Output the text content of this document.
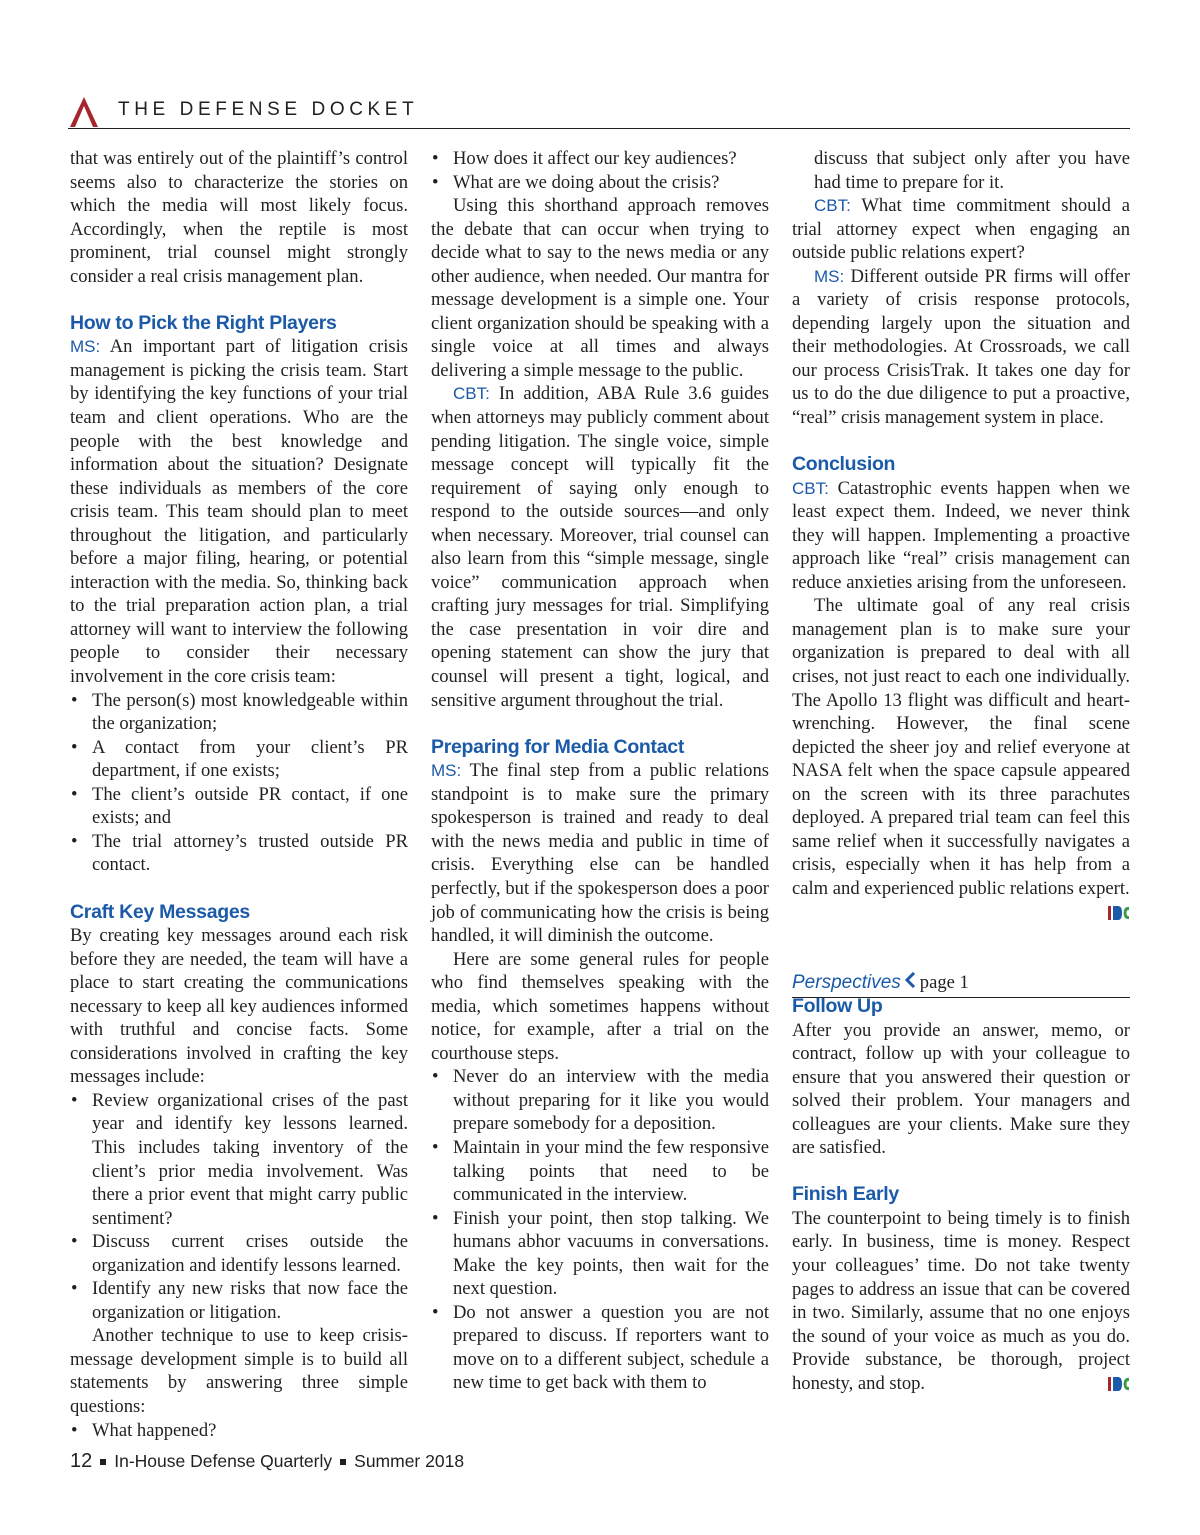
THE DEFENSE DOCKET

that was entirely out of the plaintiff’s control seems also to characterize the stories on which the media will most likely focus. Accordingly, when the reptile is most prominent, trial counsel might strongly consider a real crisis management plan.

How to Pick the Right Players

MS: An important part of litigation crisis management is picking the crisis team. Start by identifying the key functions of your trial team and client operations. Who are the people with the best knowledge and information about the situation? Designate these individuals as members of the core crisis team. This team should plan to meet throughout the litigation, and particularly before a major filing, hearing, or potential interaction with the media. So, thinking back to the trial preparation action plan, a trial attorney will want to interview the following people to consider their necessary involvement in the core crisis team:

• The person(s) most knowledgeable within the organization;
• A contact from your client’s PR department, if one exists;
• The client’s outside PR contact, if one exists; and
• The trial attorney’s trusted outside PR contact.
Craft Key Messages

By creating key messages around each risk before they are needed, the team will have a place to start creating the communications necessary to keep all key audiences informed with truthful and concise facts. Some considerations involved in crafting the key messages include:

• Review organizational crises of the past year and identify key lessons learned. This includes taking inventory of the client’s prior media involvement. Was there a prior event that might carry public sentiment?
• Discuss current crises outside the organization and identify lessons learned.
• Identify any new risks that now face the organization or litigation.

Another technique to use to keep crisis-message development simple is to build all statements by answering three simple questions:

• What happened?
• How does it affect our key audiences?
• What are we doing about the crisis?

Using this shorthand approach removes the debate that can occur when trying to decide what to say to the news media or any other audience, when needed. Our mantra for message development is a simple one. Your client organization should be speaking with a single voice at all times and always delivering a simple message to the public.

CBT: In addition, ABA Rule 3.6 guides when attorneys may publicly comment about pending litigation. The single voice, simple message concept will typically fit the requirement of saying only enough to respond to the outside sources—and only when necessary. Moreover, trial counsel can also learn from this “simple message, single voice” communication approach when crafting jury messages for trial. Simplifying the case presentation in voir dire and opening statement can show the jury that counsel will present a tight, logical, and sensitive argument throughout the trial.

Preparing for Media Contact

MS: The final step from a public relations standpoint is to make sure the primary spokesperson is trained and ready to deal with the news media and public in time of crisis. Everything else can be handled perfectly, but if the spokesperson does a poor job of communicating how the crisis is being handled, it will diminish the outcome.

Here are some general rules for people who find themselves speaking with the media, which sometimes happens without notice, for example, after a trial on the courthouse steps.

• Never do an interview with the media without preparing for it like you would prepare somebody for a deposition.
• Maintain in your mind the few responsive talking points that need to be communicated in the interview.
• Finish your point, then stop talking. We humans abhor vacuums in conversations. Make the key points, then wait for the next question.
• Do not answer a question you are not prepared to discuss. If reporters want to move on to a different subject, schedule a new time to get back with them to

discuss that subject only after you have had time to prepare for it.

CBT: What time commitment should a trial attorney expect when engaging an outside public relations expert?

MS: Different outside PR firms will offer a variety of crisis response protocols, depending largely upon the situation and their methodologies. At Crossroads, we call our process CrisisTrak. It takes one day for us to do the due diligence to put a proactive, “real” crisis management system in place.

Conclusion

CBT: Catastrophic events happen when we least expect them. Indeed, we never think they will happen. Implementing a proactive approach like “real” crisis management can reduce anxieties arising from the unforeseen.

The ultimate goal of any real crisis management plan is to make sure your organization is prepared to deal with all crises, not just react to each one individually. The Apollo 13 flight was difficult and heart-wrenching. However, the final scene depicted the sheer joy and relief everyone at NASA felt when the space capsule appeared on the screen with its three parachutes deployed. A prepared trial team can feel this same relief when it successfully navigates a crisis, especially when it has help from a calm and experienced public relations expert.

Perspectives page 1

Follow Up

After you provide an answer, memo, or contract, follow up with your colleague to ensure that you answered their question or solved their problem. Your managers and colleagues are your clients. Make sure they are satisfied.

Finish Early

The counterpoint to being timely is to finish early. In business, time is money. Respect your colleagues’ time. Do not take twenty pages to address an issue that can be covered in two. Similarly, assume that no one enjoys the sound of your voice as much as you do. Provide substance, be thorough, project honesty, and stop.

12 In-House Defense Quarterly Summer 2018
